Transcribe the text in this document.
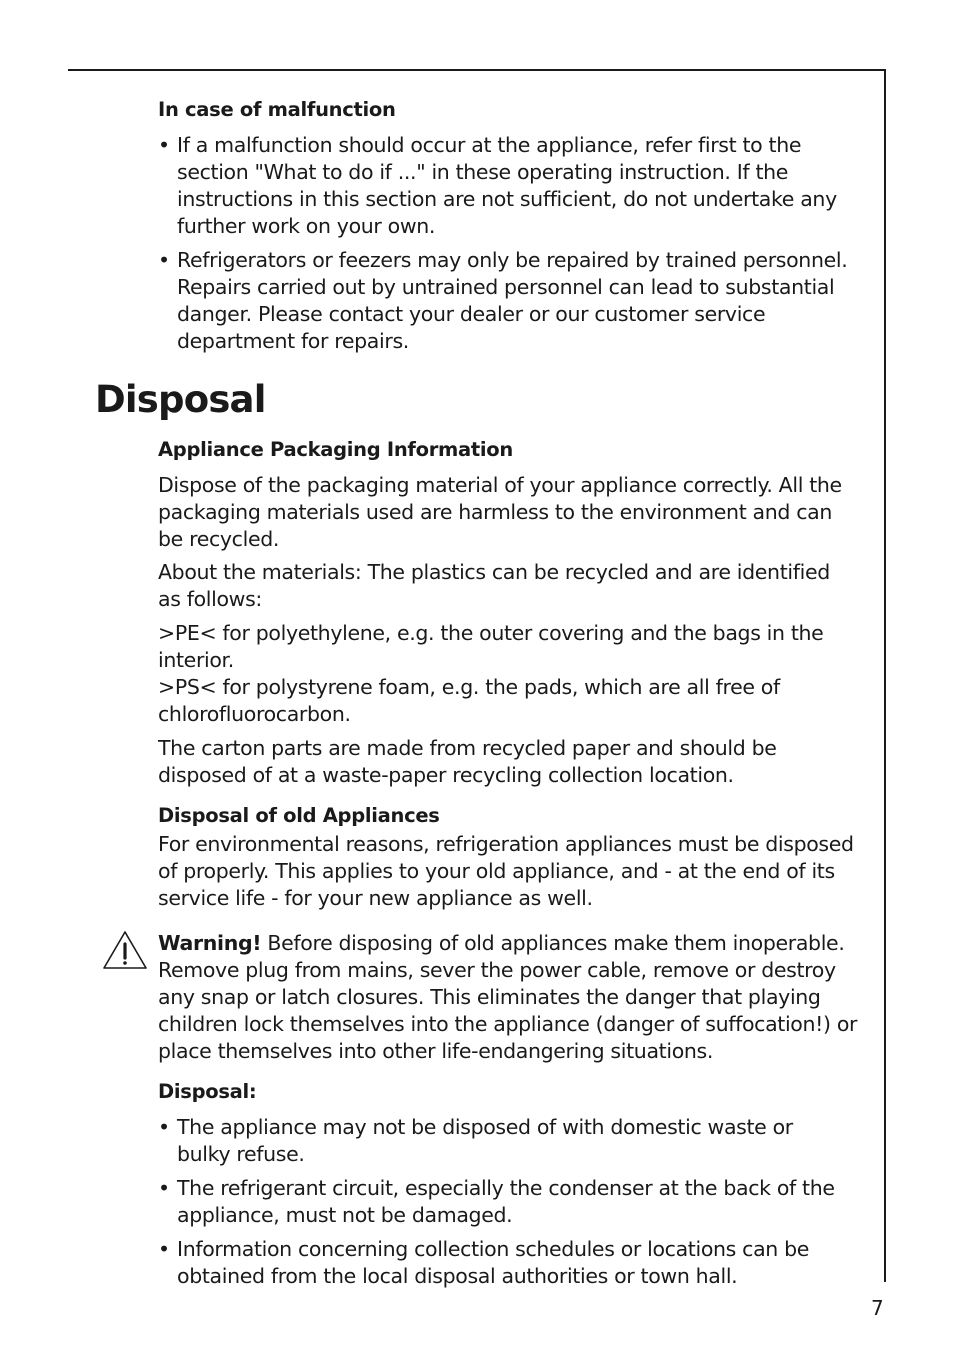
In case of malfunction
• If a malfunction should occur at the appliance, refer first to the section "What to do if ..." in these operating instruction. If the instructions in this section are not sufficient, do not undertake any further work on your own.
• Refrigerators or feezers may only be repaired by trained personnel. Repairs carried out by untrained personnel can lead to substantial danger. Please contact your dealer or our customer service department for repairs.
Disposal
Appliance Packaging Information

Dispose of the packaging material of your appliance correctly. All the packaging materials used are harmless to the environment and can be recycled.

About the materials: The plastics can be recycled and are identified as follows:

>PE< for polyethylene, e.g. the outer covering and the bags in the interior.

>PS< for polystyrene foam, e.g. the pads, which are all free of chlorofluorocarbon.

The carton parts are made from recycled paper and should be disposed of at a waste-paper recycling collection location.

Disposal of old Appliances

For environmental reasons, refrigeration appliances must be disposed of properly. This applies to your old appliance, and - at the end of its service life - for your new appliance as well.

Warning! Before disposing of old appliances make them inoperable. Remove plug from mains, sever the power cable, remove or destroy any snap or latch closures. This eliminates the danger that playing children lock themselves into the appliance (danger of suffocation!) or place themselves into other life-endangering situations.

Disposal:
• The appliance may not be disposed of with domestic waste or bulky refuse.
• The refrigerant circuit, especially the condenser at the back of the appliance, must not be damaged.
• Information concerning collection schedules or locations can be obtained from the local disposal authorities or town hall.
7
